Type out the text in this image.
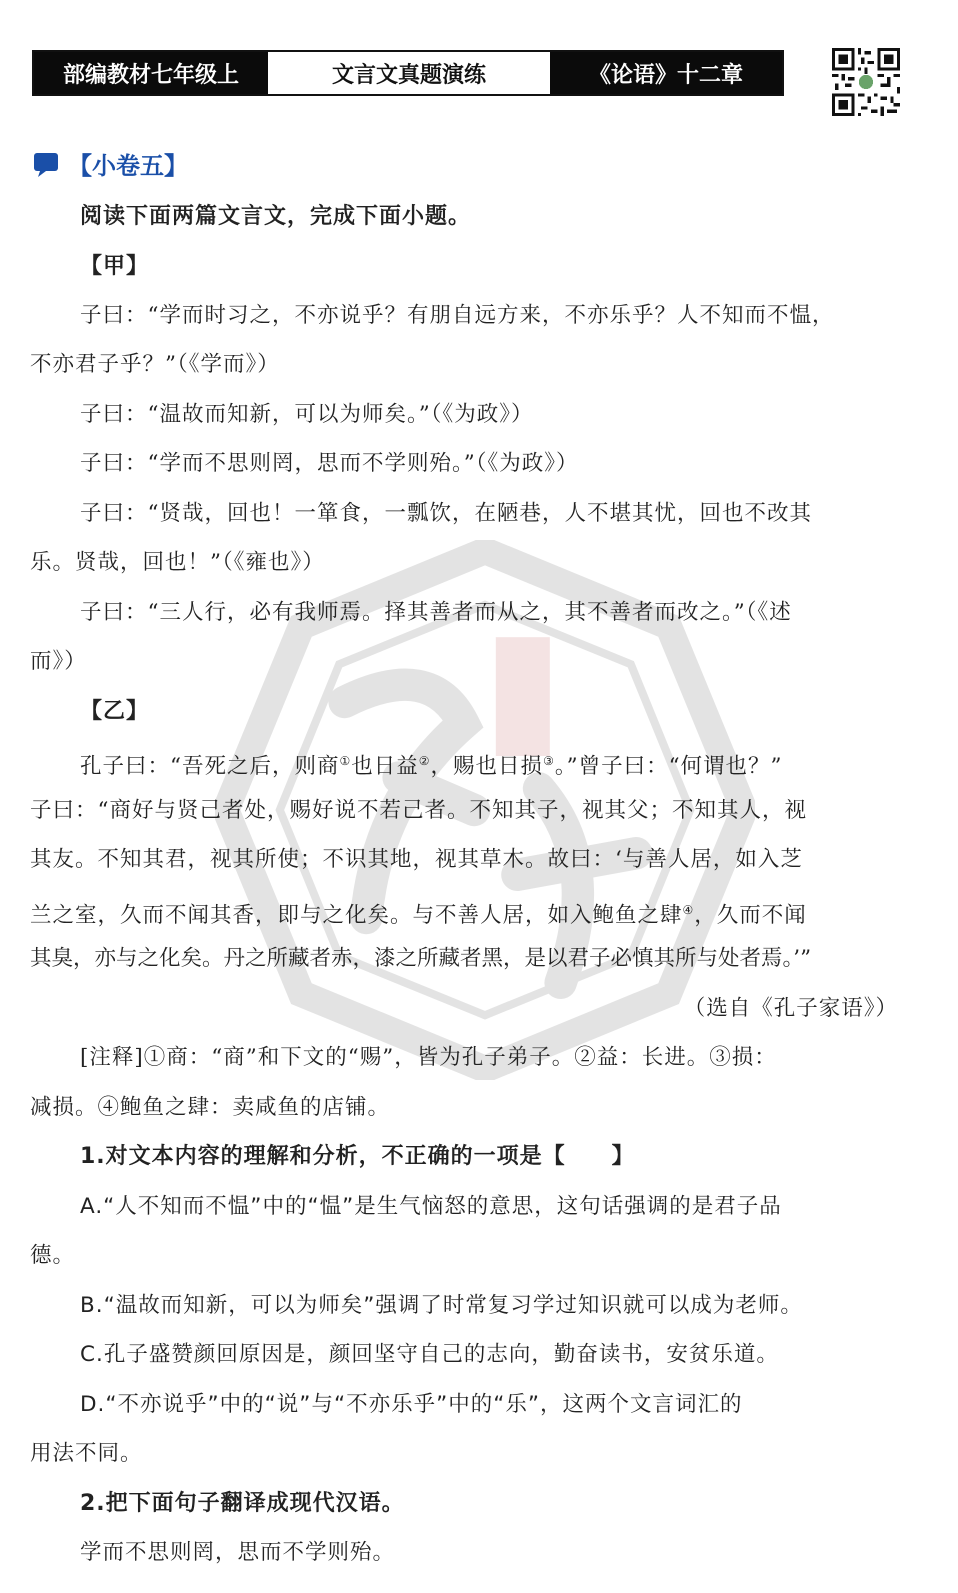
部编教材七年级上	文言文真题演练	《论语》十二章
【小卷五】
阅读下面两篇文言文，完成下面小题。
【甲】
子曰：“学而时习之，不亦说乎？有朋自远方来，不亦乐乎？人不知而不愠，
不亦君子乎？”（《学而》）
子曰：“温故而知新，可以为师矣。”（《为政》）
子曰：“学而不思则罔，思而不学则殆。”（《为政》）
子曰：“贤哉，回也！一箪食，一瓢饮，在陋巷，人不堪其忧，回也不改其
乐。贤哉，回也！”（《雍也》）
子曰：“三人行，必有我师焉。择其善者而从之，其不善者而改之。”（《述
而》）
【乙】
孔子曰：“吾死之后，则商①也日益②，赐也日损③。”曾子曰：“何谓也？”
子曰：“商好与贤己者处，赐好说不若己者。不知其子，视其父；不知其人，视
其友。不知其君，视其所使；不识其地，视其草木。故曰：‘与善人居，如入芝
兰之室，久而不闻其香，即与之化矣。与不善人居，如入鲍鱼之肆④，久而不闻
其臭，亦与之化矣。丹之所藏者赤，漆之所藏者黑，是以君子必慎其所与处者焉。’”
（选自《孔子家语》）
[注释]①商：“商”和下文的“赐”，皆为孔子弟子。②益：长进。③损：
减损。④鲍鱼之肆：卖咸鱼的店铺。
1.对文本内容的理解和分析，不正确的一项是【　　】
A.“人不知而不愠”中的“愠”是生气恼怒的意思，这句话强调的是君子品
德。
B.“温故而知新，可以为师矣”强调了时常复习学过知识就可以成为老师。
C.孔子盛赞颜回原因是，颜回坚守自己的志向，勤奋读书，安贫乐道。
D.“不亦说乎”中的“说”与“不亦乐乎”中的“乐”，这两个文言词汇的
用法不同。
2.把下面句子翻译成现代汉语。
学而不思则罔，思而不学则殆。
